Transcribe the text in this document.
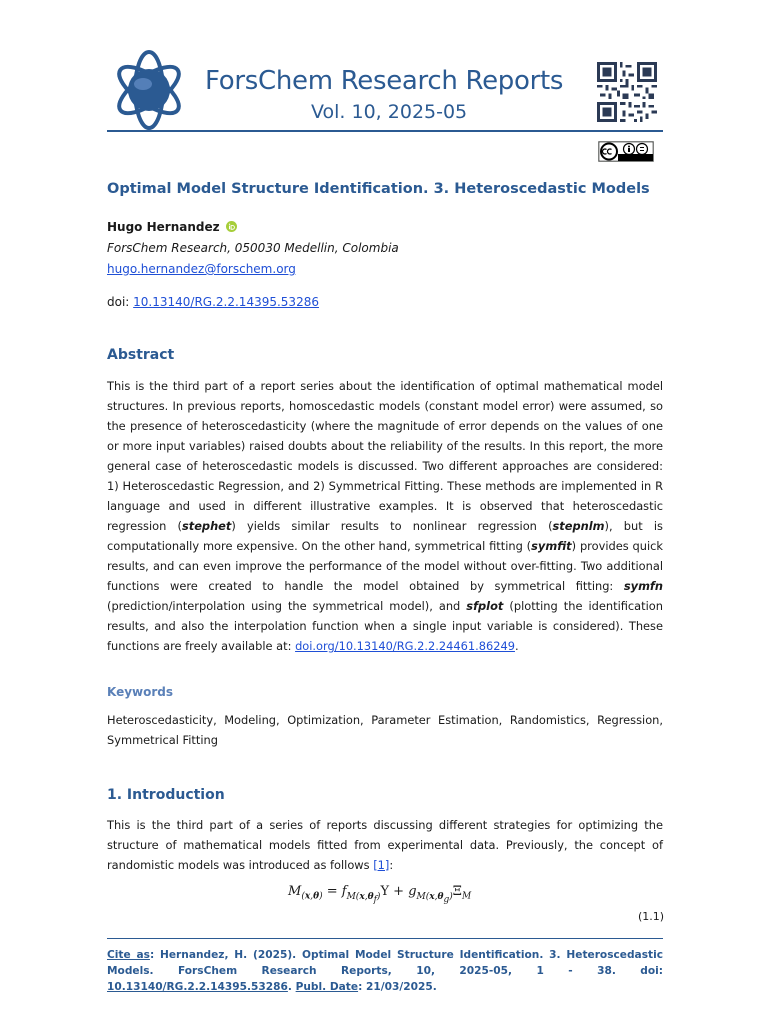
ForsChem Research Reports
Vol. 10, 2025-05
Optimal Model Structure Identification. 3. Heteroscedastic Models
Hugo Hernandez
ForsChem Research, 050030 Medellin, Colombia
hugo.hernandez@forschem.org
doi: 10.13140/RG.2.2.14395.53286
Abstract
This is the third part of a report series about the identification of optimal mathematical model structures. In previous reports, homoscedastic models (constant model error) were assumed, so the presence of heteroscedasticity (where the magnitude of error depends on the values of one or more input variables) raised doubts about the reliability of the results. In this report, the more general case of heteroscedastic models is discussed. Two different approaches are considered: 1) Heteroscedastic Regression, and 2) Symmetrical Fitting. These methods are implemented in R language and used in different illustrative examples. It is observed that heteroscedastic regression (stephet) yields similar results to nonlinear regression (stepnlm), but is computationally more expensive. On the other hand, symmetrical fitting (symfit) provides quick results, and can even improve the performance of the model without over-fitting. Two additional functions were created to handle the model obtained by symmetrical fitting: symfn (prediction/interpolation using the symmetrical model), and sfplot (plotting the identification results, and also the interpolation function when a single input variable is considered). These functions are freely available at: doi.org/10.13140/RG.2.2.24461.86249.
Keywords
Heteroscedasticity, Modeling, Optimization, Parameter Estimation, Randomistics, Regression, Symmetrical Fitting
1. Introduction
This is the third part of a series of reports discussing different strategies for optimizing the structure of mathematical models fitted from experimental data. Previously, the concept of randomistic models was introduced as follows [1]:
$M_{(x,\theta)} = f_{M(x,\theta_f)}\Upsilon + g_{M(x,\theta_g)}\Xi_M$
(1.1)
Cite as: Hernandez, H. (2025). Optimal Model Structure Identification. 3. Heteroscedastic Models. ForsChem Research Reports, 10, 2025-05, 1 - 38. doi: 10.13140/RG.2.2.14395.53286. Publ. Date: 21/03/2025.
